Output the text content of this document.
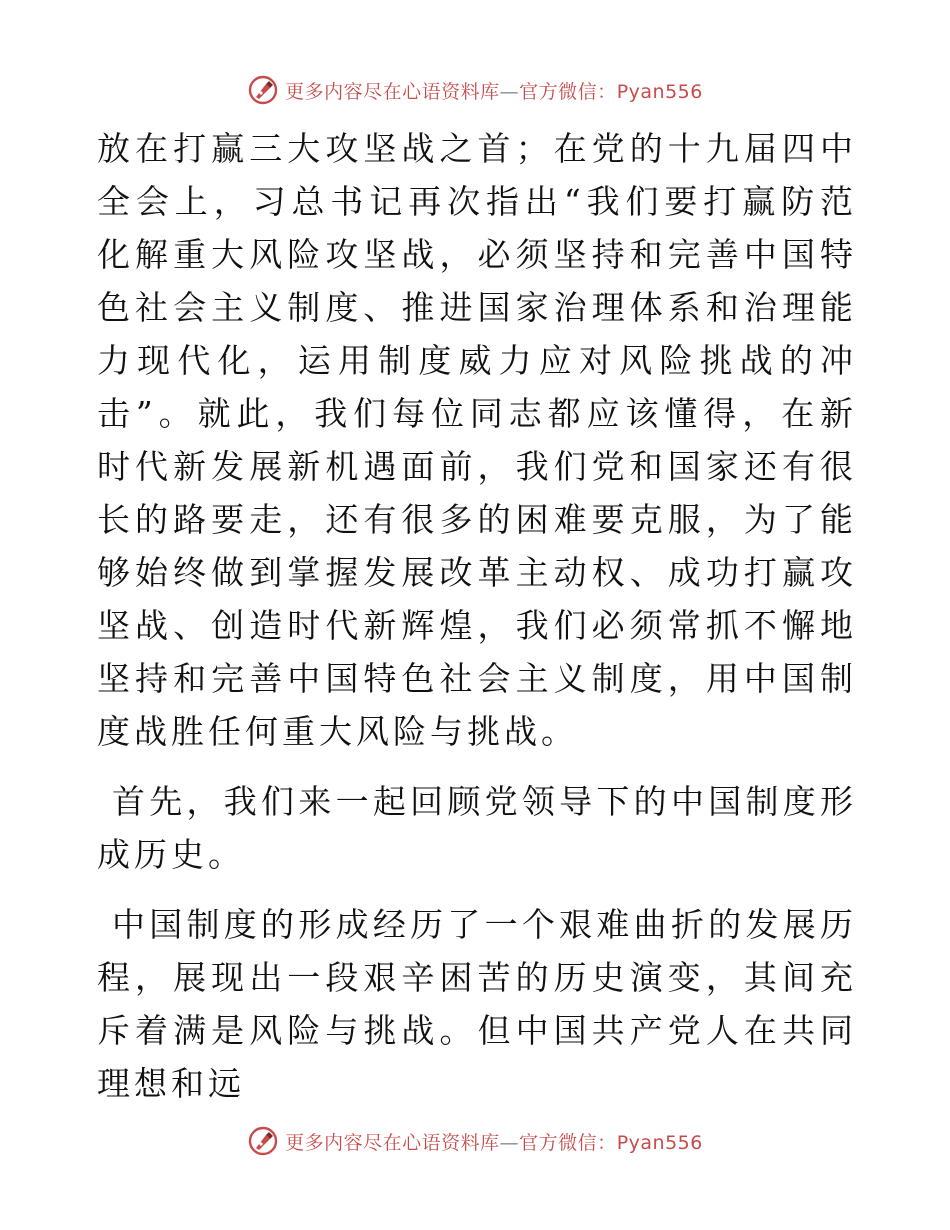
更多内容尽在心语资料库—官方微信：Pyan556

放在打赢三大攻坚战之首；在党的十九届四中全会上，习总书记再次指出“我们要打赢防范化解重大风险攻坚战，必须坚持和完善中国特色社会主义制度、推进国家治理体系和治理能力现代化，运用制度威力应对风险挑战的冲击”。就此，我们每位同志都应该懂得，在新时代新发展新机遇面前，我们党和国家还有很长的路要走，还有很多的困难要克服，为了能够始终做到掌握发展改革主动权、成功打赢攻坚战、创造时代新辉煌，我们必须常抓不懈地坚持和完善中国特色社会主义制度，用中国制度战胜任何重大风险与挑战。

首先，我们来一起回顾党领导下的中国制度形成历史。

中国制度的形成经历了一个艰难曲折的发展历程，展现出一段艰辛困苦的历史演变，其间充斥着满是风险与挑战。但中国共产党人在共同理想和远

更多内容尽在心语资料库—官方微信：Pyan556
